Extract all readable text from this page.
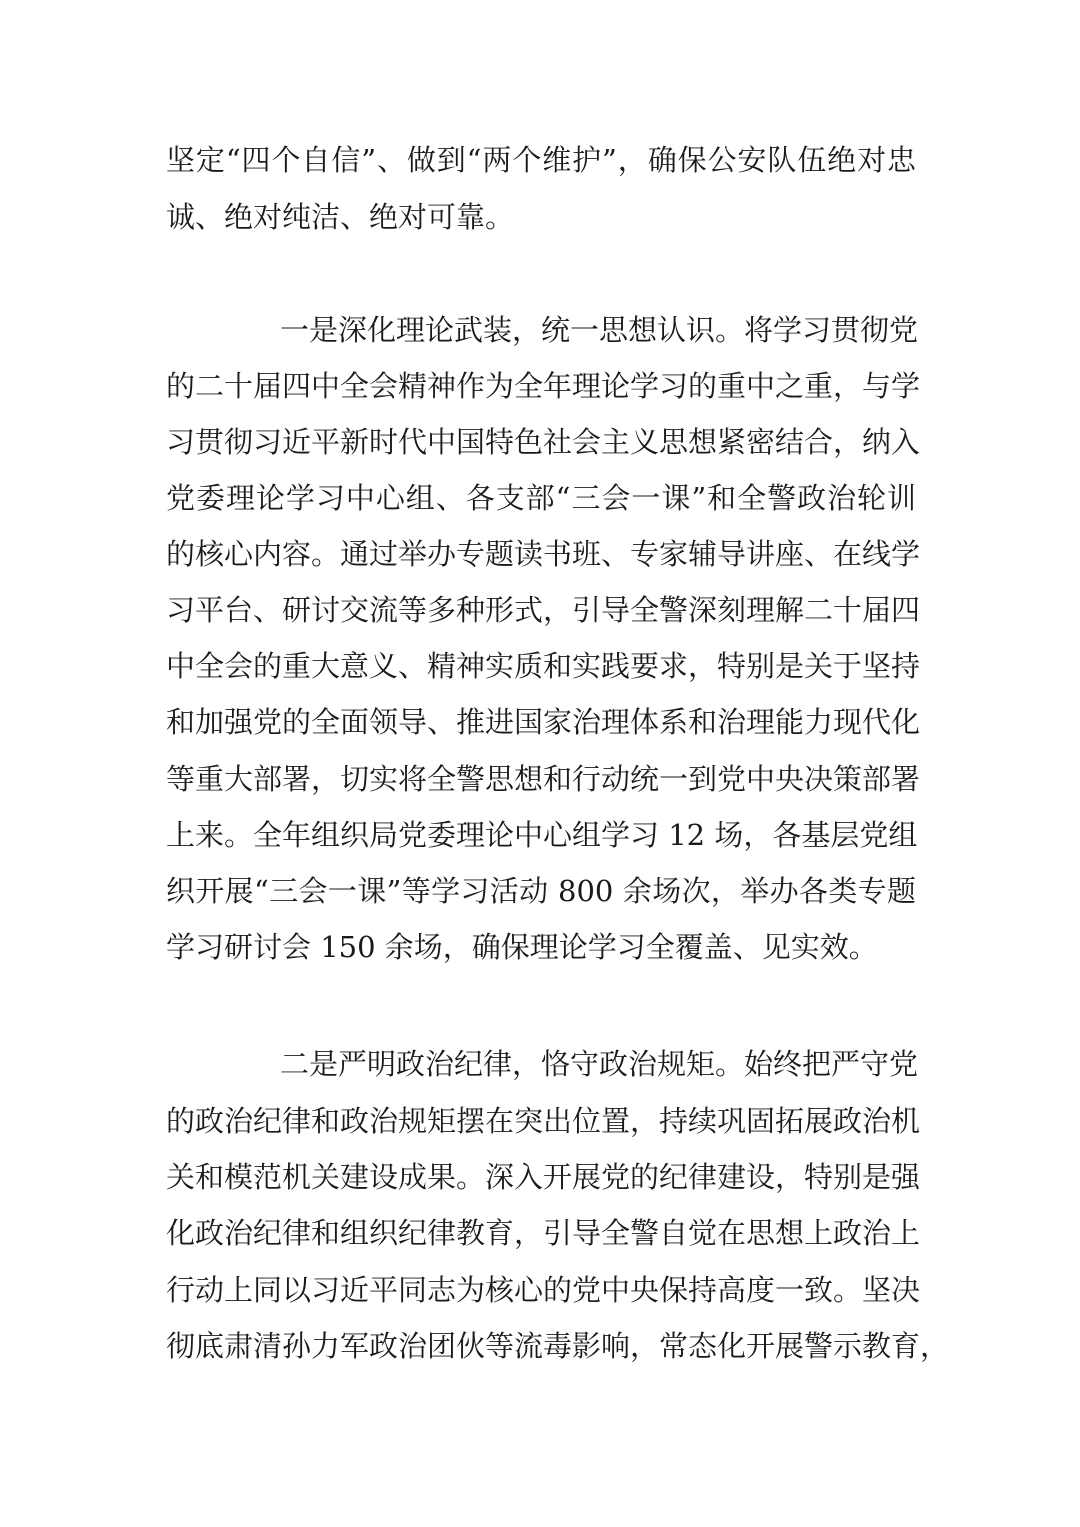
坚定“四个自信”、做到“两个维护”，确保公安队伍绝对忠
诚、绝对纯洁、绝对可靠。
一是深化理论武装，统一思想认识。将学习贯彻党
的二十届四中全会精神作为全年理论学习的重中之重，与学
习贯彻习近平新时代中国特色社会主义思想紧密结合，纳入
党委理论学习中心组、各支部“三会一课”和全警政治轮训
的核心内容。通过举办专题读书班、专家辅导讲座、在线学
习平台、研讨交流等多种形式，引导全警深刻理解二十届四
中全会的重大意义、精神实质和实践要求，特别是关于坚持
和加强党的全面领导、推进国家治理体系和治理能力现代化
等重大部署，切实将全警思想和行动统一到党中央决策部署
上来。全年组织局党委理论中心组学习 12 场，各基层党组
织开展“三会一课”等学习活动 800 余场次，举办各类专题
学习研讨会 150 余场，确保理论学习全覆盖、见实效。
二是严明政治纪律，恪守政治规矩。始终把严守党
的政治纪律和政治规矩摆在突出位置，持续巩固拓展政治机
关和模范机关建设成果。深入开展党的纪律建设，特别是强
化政治纪律和组织纪律教育，引导全警自觉在思想上政治上
行动上同以习近平同志为核心的党中央保持高度一致。坚决
彻底肃清孙力军政治团伙等流毒影响，常态化开展警示教育，
